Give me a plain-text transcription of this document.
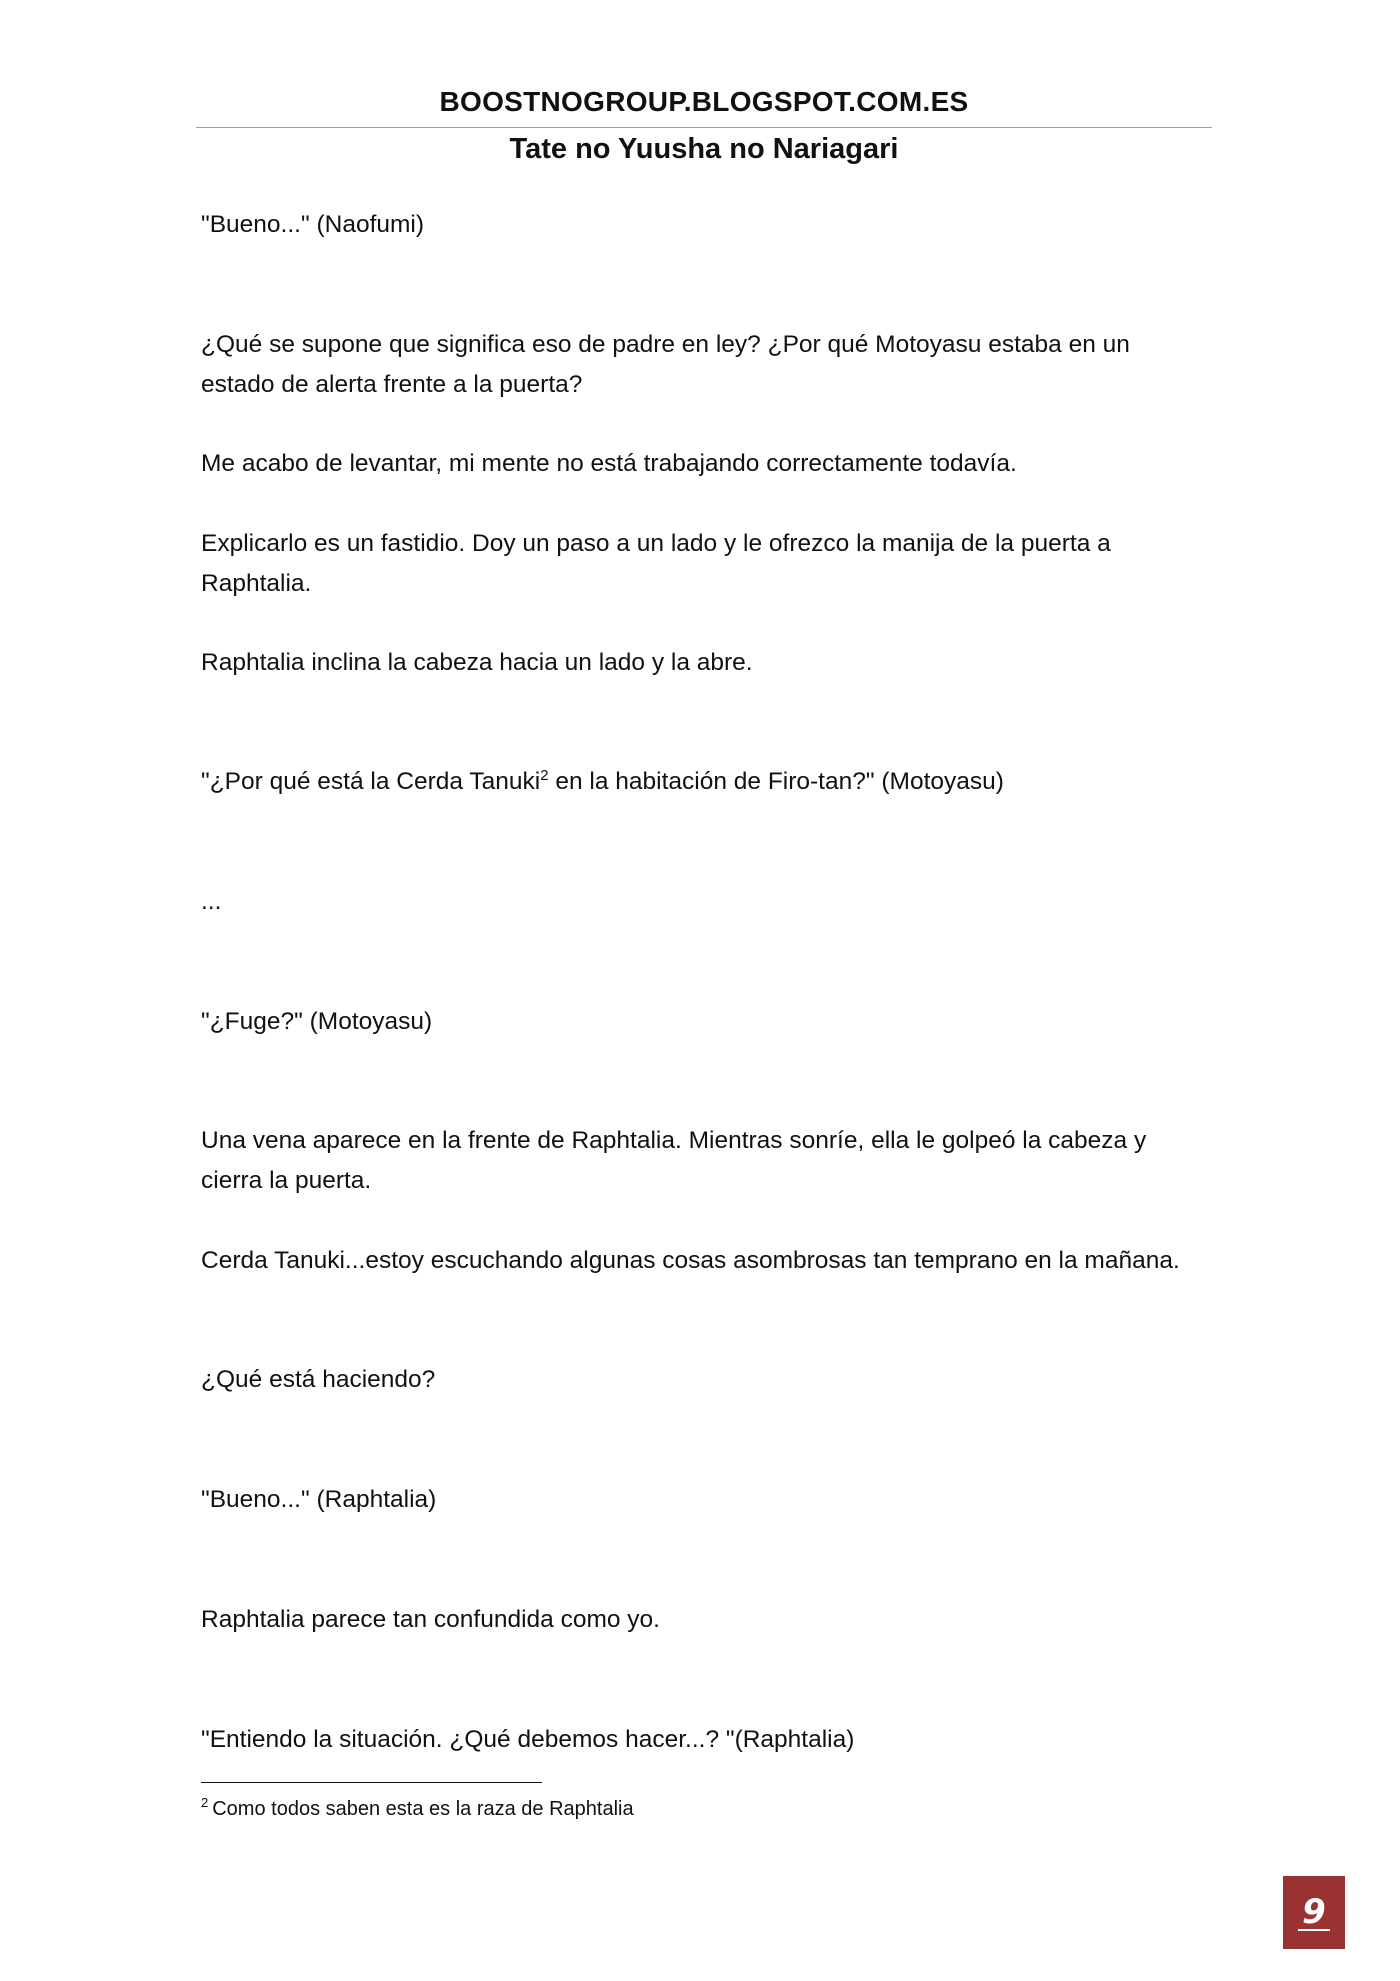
BOOSTNOGROUP.BLOGSPOT.COM.ES
Tate no Yuusha no Nariagari

"Bueno..." (Naofumi)

¿Qué se supone que significa eso de padre en ley? ¿Por qué Motoyasu estaba en un estado de alerta frente a la puerta?

Me acabo de levantar, mi mente no está trabajando correctamente todavía.

Explicarlo es un fastidio. Doy un paso a un lado y le ofrezco la manija de la puerta a Raphtalia.

Raphtalia inclina la cabeza hacia un lado y la abre.

"¿Por qué está la Cerda Tanuki$^2$ en la habitación de Firo-tan?" (Motoyasu)

...

"¿Fuge?" (Motoyasu)

Una vena aparece en la frente de Raphtalia. Mientras sonríe, ella le golpeó la cabeza y cierra la puerta.

Cerda Tanuki...estoy escuchando algunas cosas asombrosas tan temprano en la mañana.

¿Qué está haciendo?

"Bueno..." (Raphtalia)

Raphtalia parece tan confundida como yo.

"Entiendo la situación. ¿Qué debemos hacer...? "(Raphtalia)

$^2$ Como todos saben esta es la raza de Raphtalia
9
